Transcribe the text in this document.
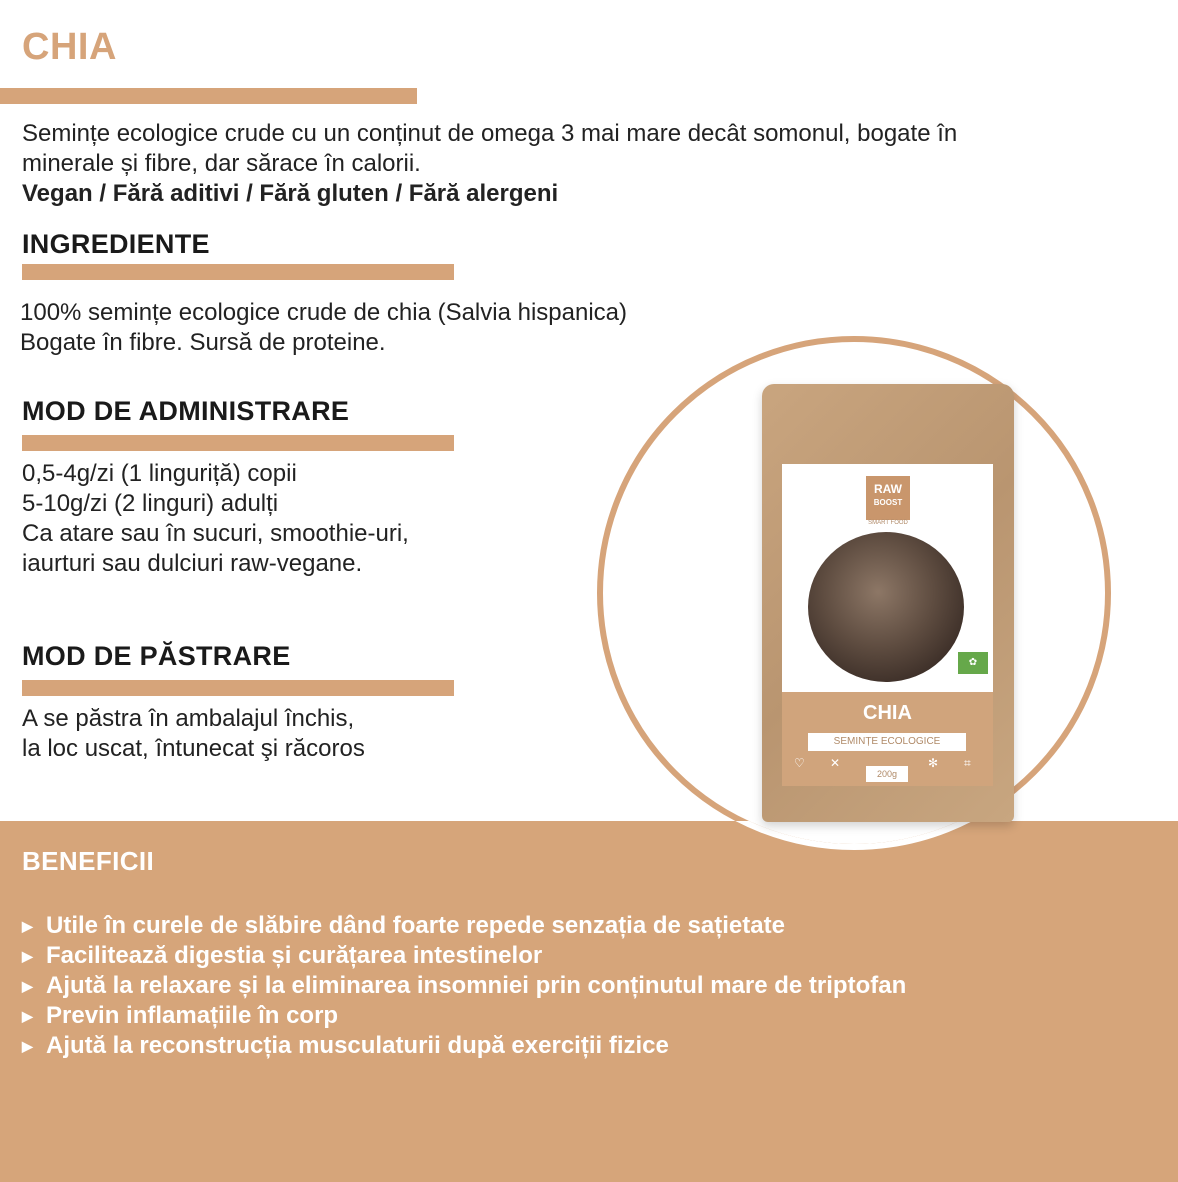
CHIA
Semințe ecologice crude cu un conținut de omega 3 mai mare decât somonul, bogate în
minerale și fibre, dar sărace în calorii.
Vegan / Fără aditivi / Fără gluten / Fără alergeni
INGREDIENTE
100% semințe ecologice crude de chia (Salvia hispanica)
Bogate în fibre. Sursă de proteine.
MOD DE ADMINISTRARE
0,5-4g/zi (1 linguriță) copii
5-10g/zi (2 linguri) adulți
Ca atare sau în sucuri, smoothie-uri,
iaurturi sau dulciuri raw-vegane.
MOD DE PĂSTRARE
A se păstra în ambalajul închis,
la loc uscat, întunecat şi răcoros
RAW
BOOST
SMART FOOD
✿
CHIA
SEMINȚE ECOLOGICE
♡ ✕	✻ ⌗
200g
BENEFICII
▶ Utile în curele de slăbire dând foarte repede senzația de sațietate
▶ Facilitează digestia și curățarea intestinelor
▶ Ajută la relaxare și la eliminarea insomniei prin conținutul mare de triptofan
▶ Previn inflamațiile în corp
▶ Ajută la reconstrucția musculaturii după exerciții fizice
